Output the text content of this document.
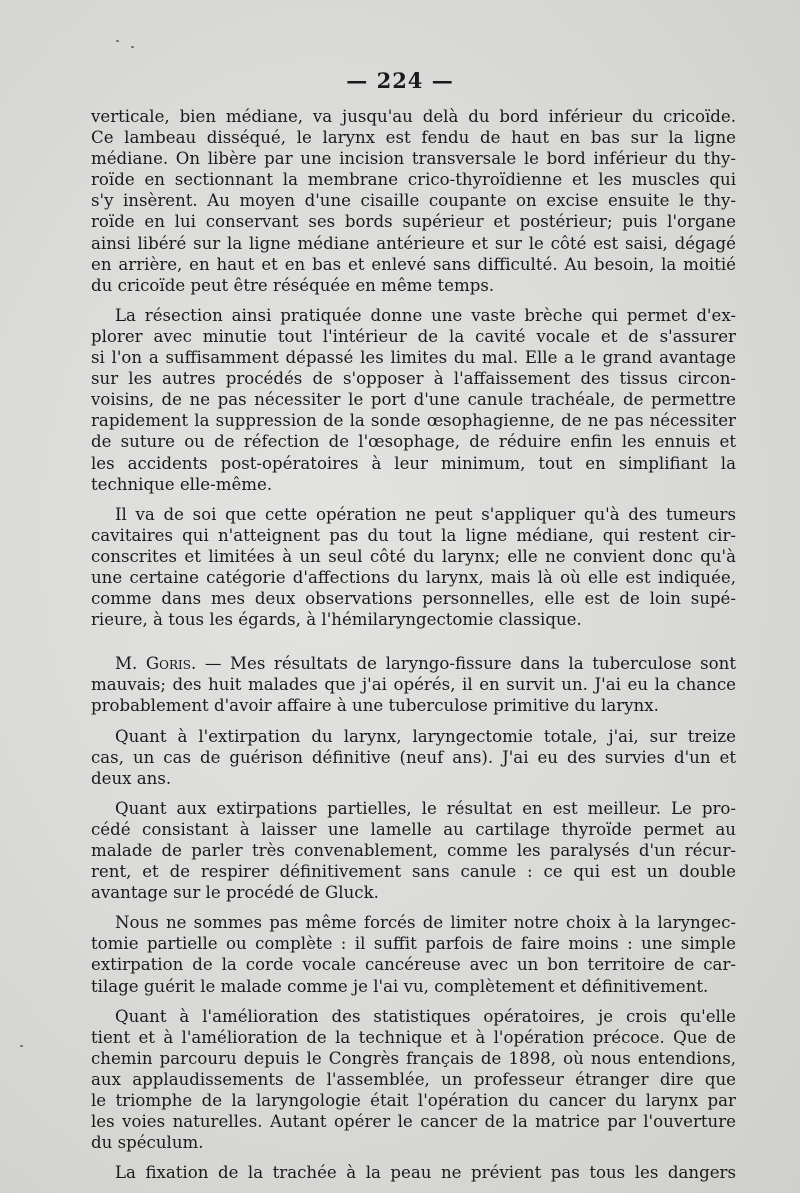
— 224 —
verticale, bien médiane, va jusqu'au delà du bord inférieur du cricoïde.
Ce lambeau disséqué, le larynx est fendu de haut en bas sur la ligne
médiane. On libère par une incision transversale le bord inférieur du thy-
roïde en sectionnant la membrane crico-thyroïdienne et les muscles qui
s'y insèrent. Au moyen d'une cisaille coupante on excise ensuite le thy-
roïde en lui conservant ses bords supérieur et postérieur; puis l'organe
ainsi libéré sur la ligne médiane antérieure et sur le côté est saisi, dégagé
en arrière, en haut et en bas et enlevé sans difficulté. Au besoin, la moitié
du cricoïde peut être réséquée en même temps.
La résection ainsi pratiquée donne une vaste brèche qui permet d'ex-
plorer avec minutie tout l'intérieur de la cavité vocale et de s'assurer
si l'on a suffisamment dépassé les limites du mal. Elle a le grand avantage
sur les autres procédés de s'opposer à l'affaissement des tissus circon-
voisins, de ne pas nécessiter le port d'une canule trachéale, de permettre
rapidement la suppression de la sonde œsophagienne, de ne pas nécessiter
de suture ou de réfection de l'œsophage, de réduire enfin les ennuis et
les accidents post-opératoires à leur minimum, tout en simplifiant la
technique elle-même.
Il va de soi que cette opération ne peut s'appliquer qu'à des tumeurs
cavitaires qui n'atteignent pas du tout la ligne médiane, qui restent cir-
conscrites et limitées à un seul côté du larynx; elle ne convient donc qu'à
une certaine catégorie d'affections du larynx, mais là où elle est indiquée,
comme dans mes deux observations personnelles, elle est de loin supé-
rieure, à tous les égards, à l'hémilaryngectomie classique.
M. Goris. — Mes résultats de laryngo-fissure dans la tuberculose sont
mauvais; des huit malades que j'ai opérés, il en survit un. J'ai eu la chance
probablement d'avoir affaire à une tuberculose primitive du larynx.
Quant à l'extirpation du larynx, laryngectomie totale, j'ai, sur treize
cas, un cas de guérison définitive (neuf ans). J'ai eu des survies d'un et
deux ans.
Quant aux extirpations partielles, le résultat en est meilleur. Le pro-
cédé consistant à laisser une lamelle au cartilage thyroïde permet au
malade de parler très convenablement, comme les paralysés d'un récur-
rent, et de respirer définitivement sans canule : ce qui est un double
avantage sur le procédé de Gluck.
Nous ne sommes pas même forcés de limiter notre choix à la laryngec-
tomie partielle ou complète : il suffit parfois de faire moins : une simple
extirpation de la corde vocale cancéreuse avec un bon territoire de car-
tilage guérit le malade comme je l'ai vu, complètement et définitivement.
Quant à l'amélioration des statistiques opératoires, je crois qu'elle
tient et à l'amélioration de la technique et à l'opération précoce. Que de
chemin parcouru depuis le Congrès français de 1898, où nous entendions,
aux applaudissements de l'assemblée, un professeur étranger dire que
le triomphe de la laryngologie était l'opération du cancer du larynx par
les voies naturelles. Autant opérer le cancer de la matrice par l'ouverture
du spéculum.
La fixation de la trachée à la peau ne prévient pas tous les dangers
